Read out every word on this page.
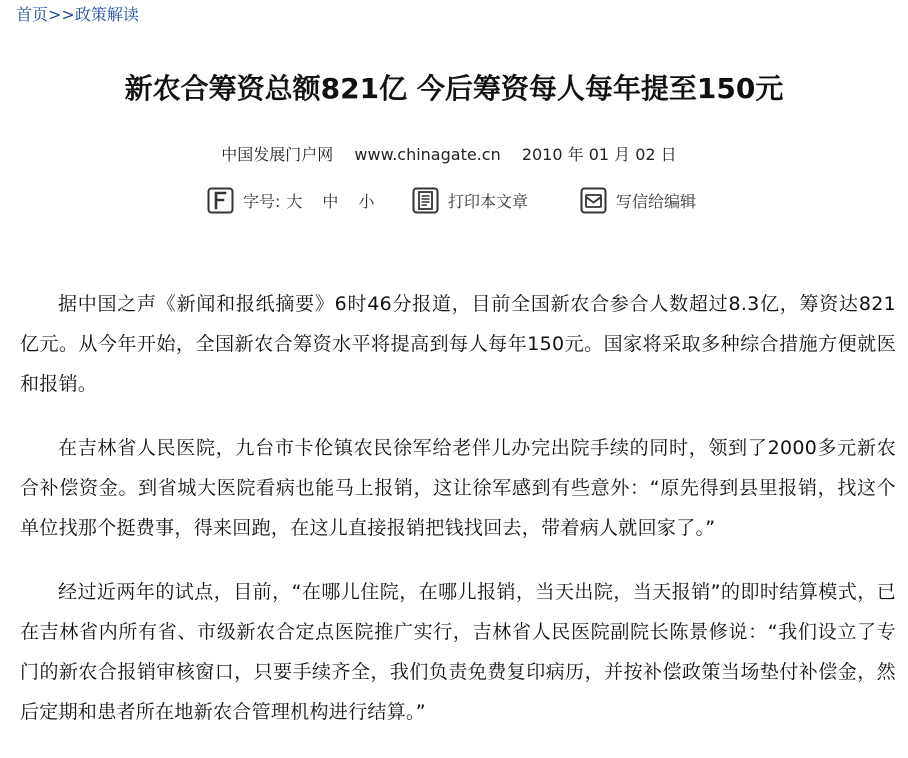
首页>>政策解读
新农合筹资总额821亿 今后筹资每人每年提至150元
中国发展门户网 www.chinagate.cn 2010 年 01 月 02 日
字号: 大 中 小	打印本文章	写信给编辑

据中国之声《新闻和报纸摘要》6时46分报道，目前全国新农合参合人数超过8.3亿，筹资达821亿元。从今年开始，全国新农合筹资水平将提高到每人每年150元。国家将采取多种综合措施方便就医和报销。

在吉林省人民医院，九台市卡伦镇农民徐军给老伴儿办完出院手续的同时，领到了2000多元新农合补偿资金。到省城大医院看病也能马上报销，这让徐军感到有些意外：“原先得到县里报销，找这个单位找那个挺费事，得来回跑，在这儿直接报销把钱找回去，带着病人就回家了。”

经过近两年的试点，目前，“在哪儿住院，在哪儿报销，当天出院，当天报销”的即时结算模式，已在吉林省内所有省、市级新农合定点医院推广实行，吉林省人民医院副院长陈景修说：“我们设立了专门的新农合报销审核窗口，只要手续齐全，我们负责免费复印病历，并按补偿政策当场垫付补偿金，然后定期和患者所在地新农合管理机构进行结算。”
